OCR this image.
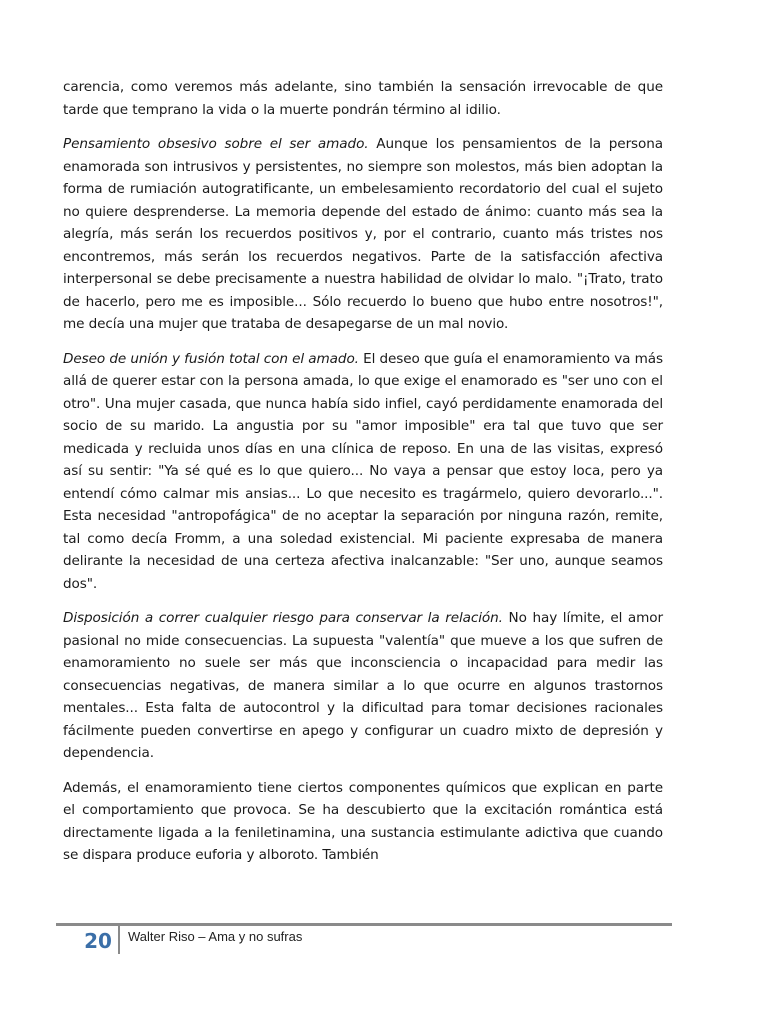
carencia, como veremos más adelante, sino también la sensación irrevocable de que tarde que temprano la vida o la muerte pondrán término al idilio.

Pensamiento obsesivo sobre el ser amado. Aunque los pensamientos de la persona enamorada son intrusivos y persistentes, no siempre son molestos, más bien adoptan la forma de rumiación autogratificante, un embelesamiento recordatorio del cual el sujeto no quiere desprenderse. La memoria depende del estado de ánimo: cuanto más sea la alegría, más serán los recuerdos positivos y, por el contrario, cuanto más tristes nos encontremos, más serán los recuerdos negativos. Parte de la satisfacción afectiva interpersonal se debe precisamente a nuestra habilidad de olvidar lo malo. "¡Trato, trato de hacerlo, pero me es imposible... Sólo recuerdo lo bueno que hubo entre nosotros!", me decía una mujer que trataba de desapegarse de un mal novio.

Deseo de unión y fusión total con el amado. El deseo que guía el enamoramiento va más allá de querer estar con la persona amada, lo que exige el enamorado es "ser uno con el otro". Una mujer casada, que nunca había sido infiel, cayó perdidamente enamorada del socio de su marido. La angustia por su "amor imposible" era tal que tuvo que ser medicada y recluida unos días en una clínica de reposo. En una de las visitas, expresó así su sentir: "Ya sé qué es lo que quiero... No vaya a pensar que estoy loca, pero ya entendí cómo calmar mis ansias... Lo que necesito es tragármelo, quiero devorarlo...". Esta necesidad "antropofágica" de no aceptar la separación por ninguna razón, remite, tal como decía Fromm, a una soledad existencial. Mi paciente expresaba de manera delirante la necesidad de una certeza afectiva inalcanzable: "Ser uno, aunque seamos dos".

Disposición a correr cualquier riesgo para conservar la relación. No hay límite, el amor pasional no mide consecuencias. La supuesta "valentía" que mueve a los que sufren de enamoramiento no suele ser más que inconsciencia o incapacidad para medir las consecuencias negativas, de manera similar a lo que ocurre en algunos trastornos mentales... Esta falta de autocontrol y la dificultad para tomar decisiones racionales fácilmente pueden convertirse en apego y configurar un cuadro mixto de depresión y dependencia.

Además, el enamoramiento tiene ciertos componentes químicos que explican en parte el comportamiento que provoca. Se ha descubierto que la excitación romántica está directamente ligada a la feniletinamina, una sustancia estimulante adictiva que cuando se dispara produce euforia y alboroto. También

20	Walter Riso – Ama y no sufras
